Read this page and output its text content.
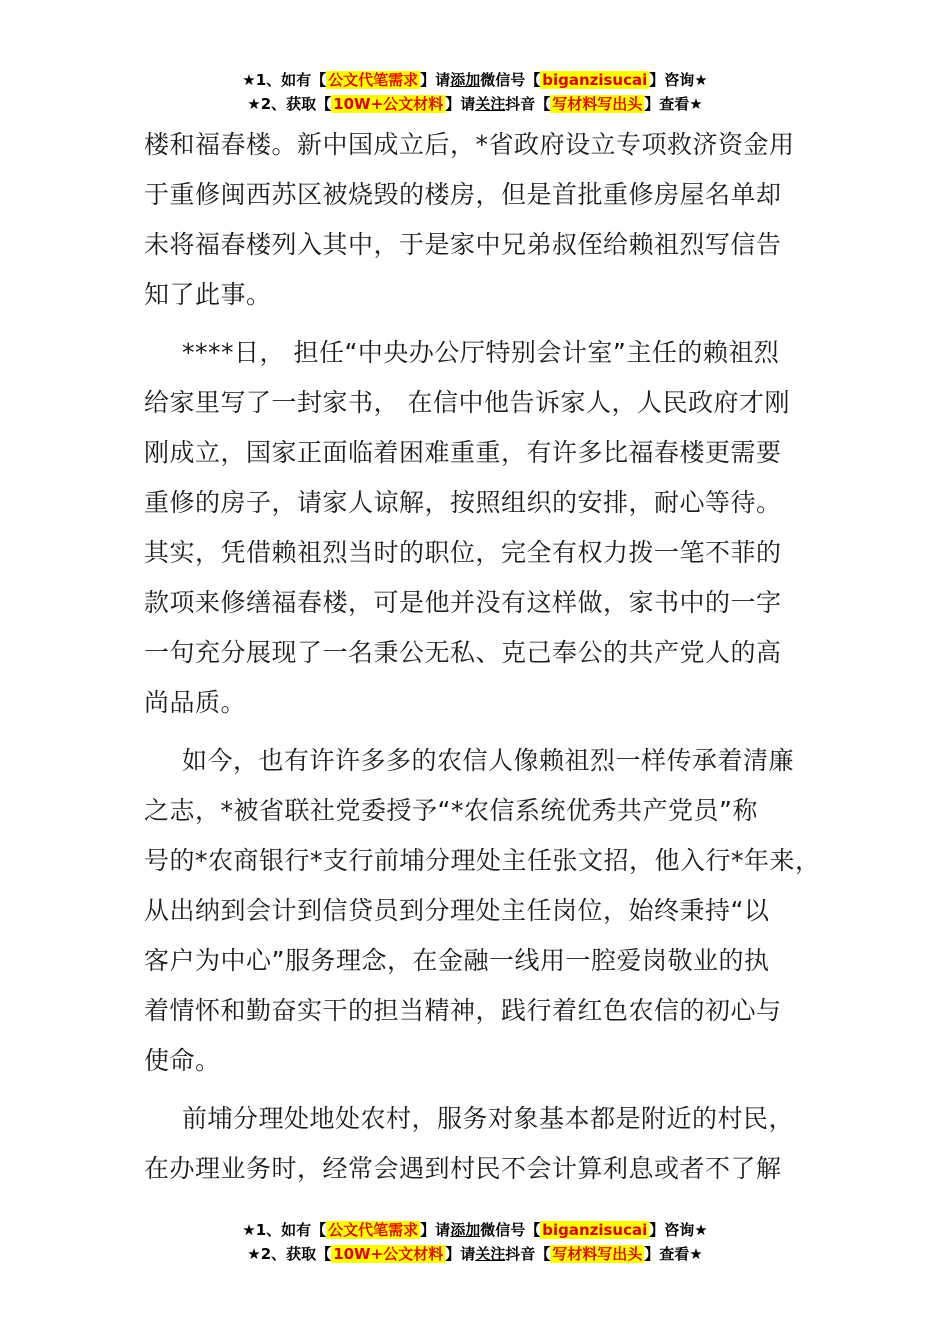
★1、如有【 公文代笔需求 】请添加微信号【 biganzisucai 】咨询★
★2、获取【 10W+公文材料 】请关注抖音【 写材料写出头 】查看★

楼和福春楼。新中国成立后，*省政府设立专项救济资金用
于重修闽西苏区被烧毁的楼房，但是首批重修房屋名单却
未将福春楼列入其中，于是家中兄弟叔侄给赖祖烈写信告
知了此事。

****日， 担任“中央办公厅特别会计室”主任的赖祖烈
给家里写了一封家书， 在信中他告诉家人，人民政府才刚
刚成立，国家正面临着困难重重，有许多比福春楼更需要
重修的房子，请家人谅解，按照组织的安排，耐心等待。
其实，凭借赖祖烈当时的职位，完全有权力拨一笔不菲的
款项来修缮福春楼，可是他并没有这样做，家书中的一字
一句充分展现了一名秉公无私、克己奉公的共产党人的高
尚品质。

如今，也有许许多多的农信人像赖祖烈一样传承着清廉
之志，*被省联社党委授予“*农信系统优秀共产党员”称
号的*农商银行*支行前埔分理处主任张文招，他入行*年来，
从出纳到会计到信贷员到分理处主任岗位，始终秉持“以
客户为中心”服务理念，在金融一线用一腔爱岗敬业的执
着情怀和勤奋实干的担当精神，践行着红色农信的初心与
使命。

前埔分理处地处农村，服务对象基本都是附近的村民，
在办理业务时，经常会遇到村民不会计算利息或者不了解

★1、如有【 公文代笔需求 】请添加微信号【 biganzisucai 】咨询★
★2、获取【 10W+公文材料 】请关注抖音【 写材料写出头 】查看★
